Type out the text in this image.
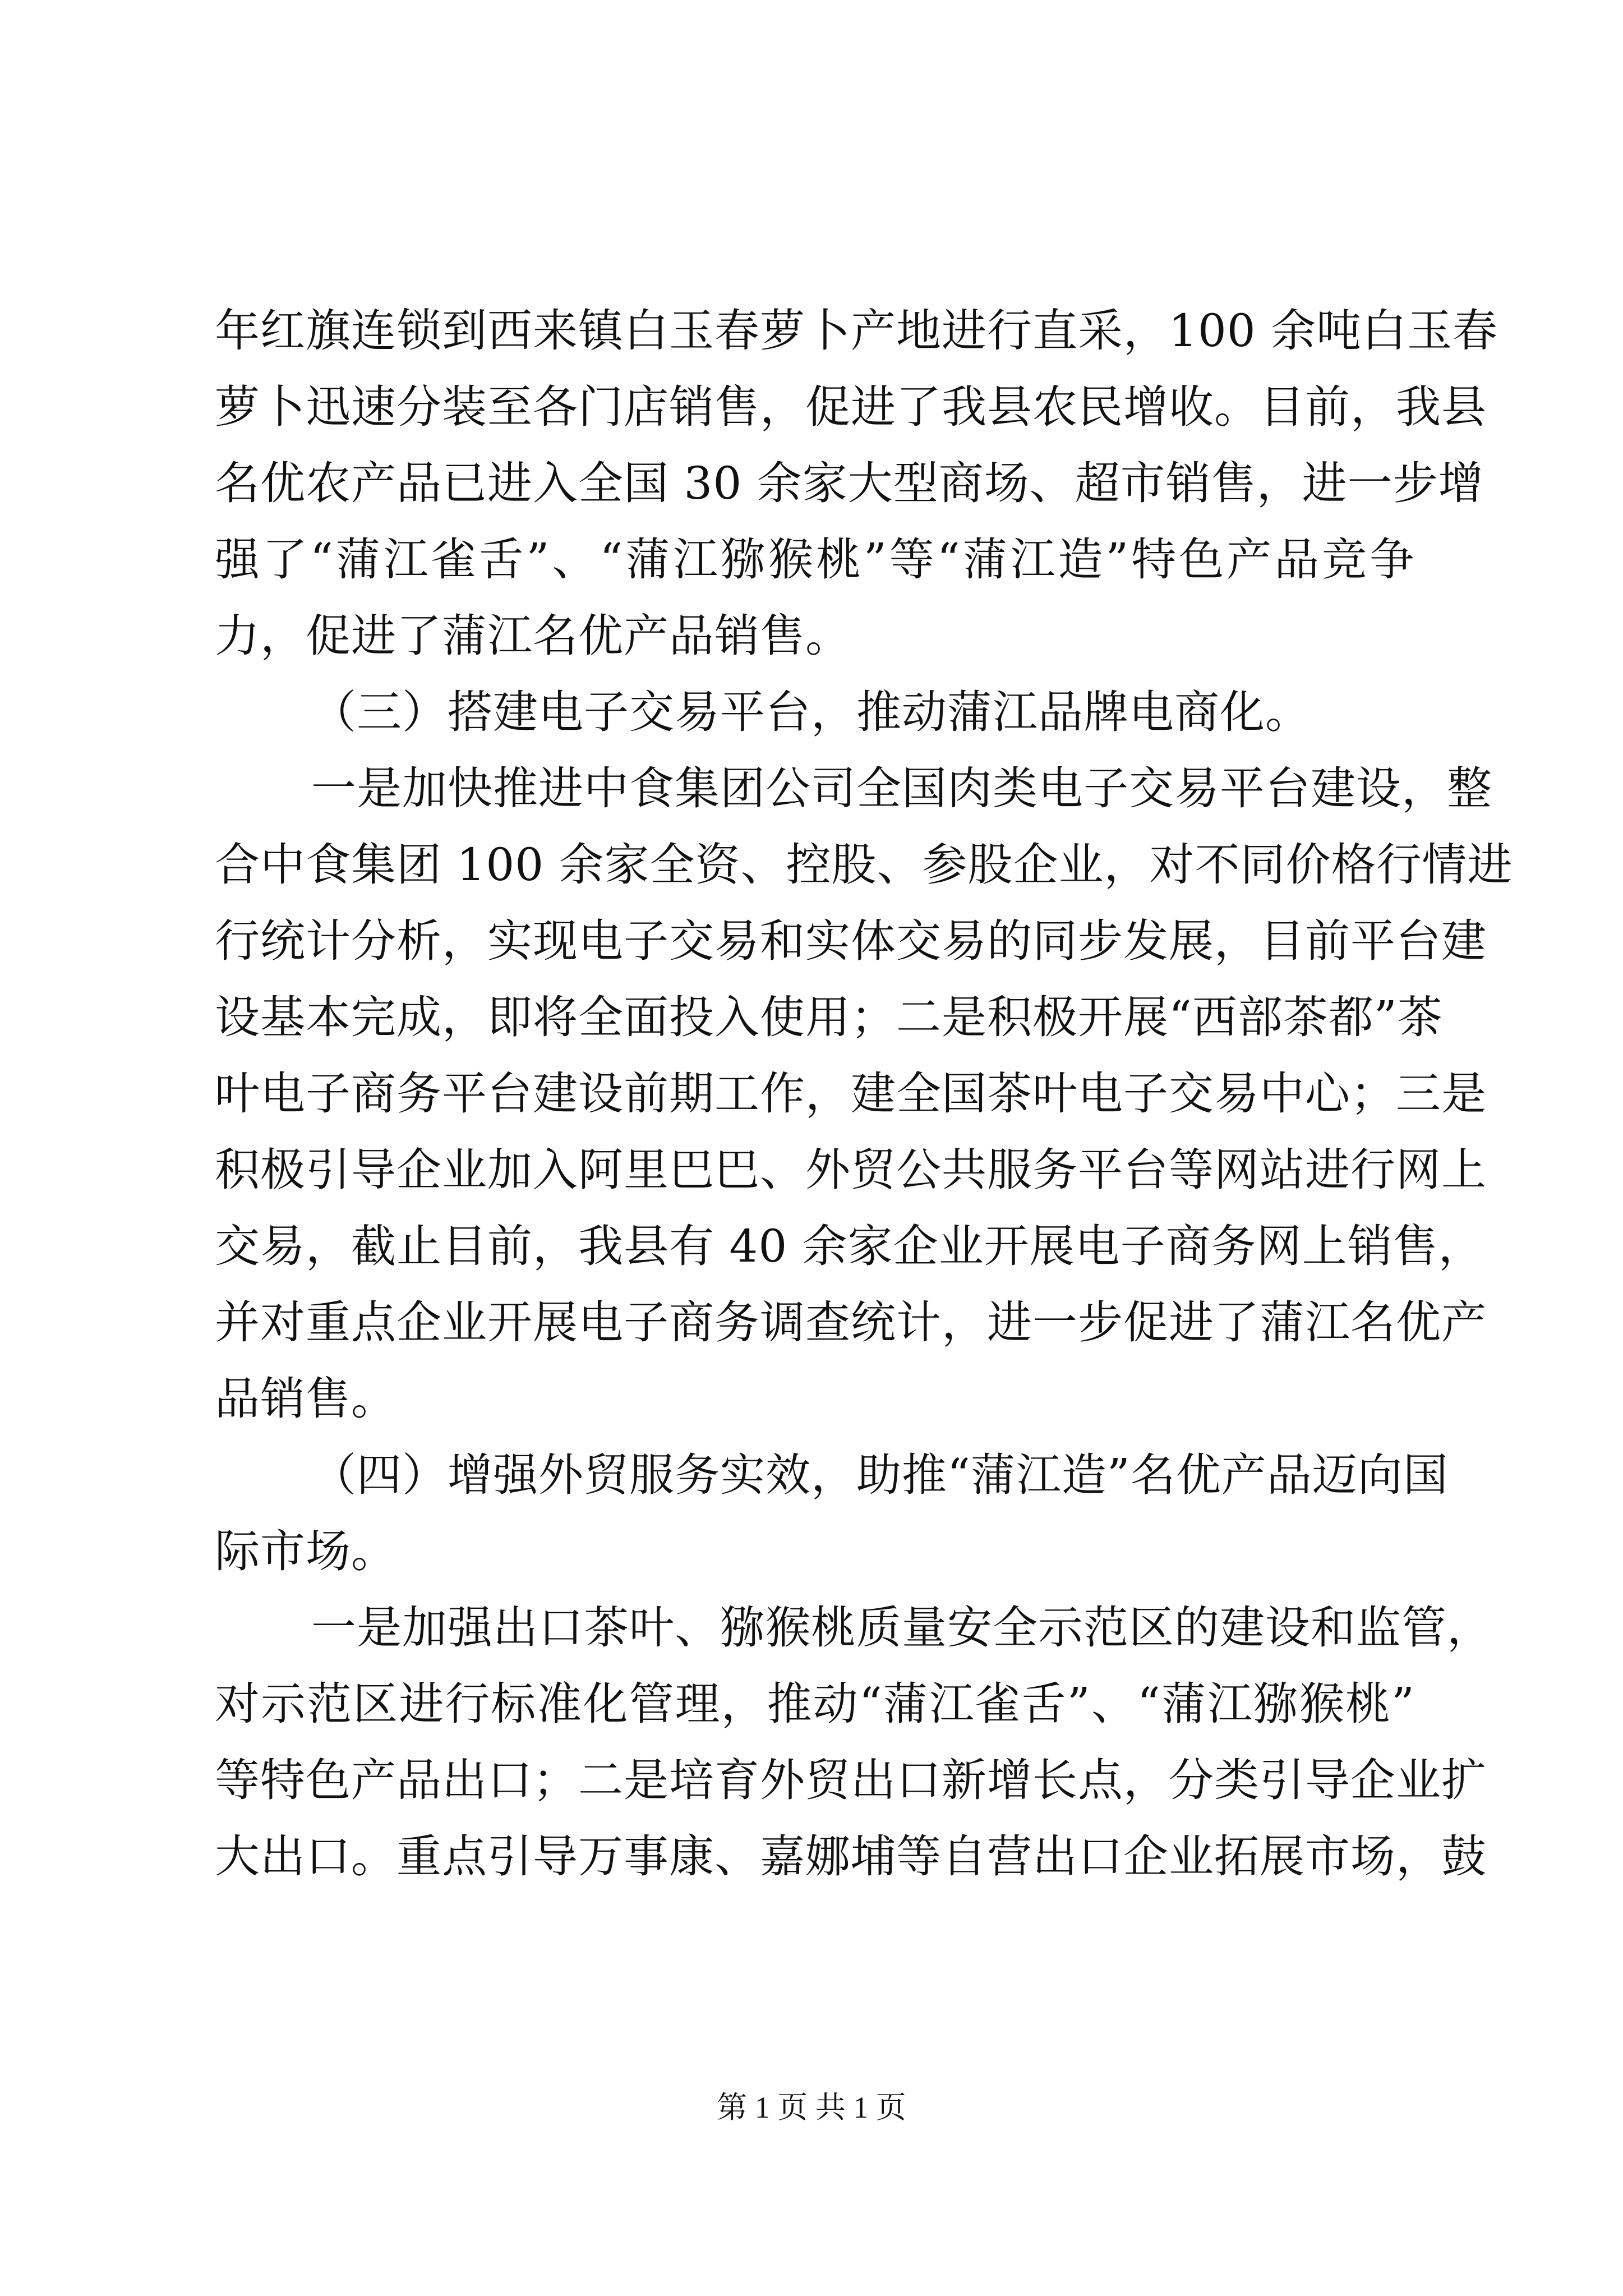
年红旗连锁到西来镇白玉春萝卜产地进行直采，100 余吨白玉春
萝卜迅速分装至各门店销售，促进了我县农民增收。目前，我县
名优农产品已进入全国 30 余家大型商场、超市销售，进一步增
强了“蒲江雀舌”、“蒲江猕猴桃”等“蒲江造”特色产品竞争
力，促进了蒲江名优产品销售。
（三）搭建电子交易平台，推动蒲江品牌电商化。
一是加快推进中食集团公司全国肉类电子交易平台建设，整
合中食集团 100 余家全资、控股、参股企业，对不同价格行情进
行统计分析，实现电子交易和实体交易的同步发展，目前平台建
设基本完成，即将全面投入使用；二是积极开展“西部茶都”茶
叶电子商务平台建设前期工作，建全国茶叶电子交易中心；三是
积极引导企业加入阿里巴巴、外贸公共服务平台等网站进行网上
交易，截止目前，我县有 40 余家企业开展电子商务网上销售，
并对重点企业开展电子商务调查统计，进一步促进了蒲江名优产
品销售。
（四）增强外贸服务实效，助推“蒲江造”名优产品迈向国
际市场。
一是加强出口茶叶、猕猴桃质量安全示范区的建设和监管，
对示范区进行标准化管理，推动“蒲江雀舌”、“蒲江猕猴桃”
等特色产品出口；二是培育外贸出口新增长点，分类引导企业扩
大出口。重点引导万事康、嘉娜埔等自营出口企业拓展市场，鼓
第 1 页 共 1 页
